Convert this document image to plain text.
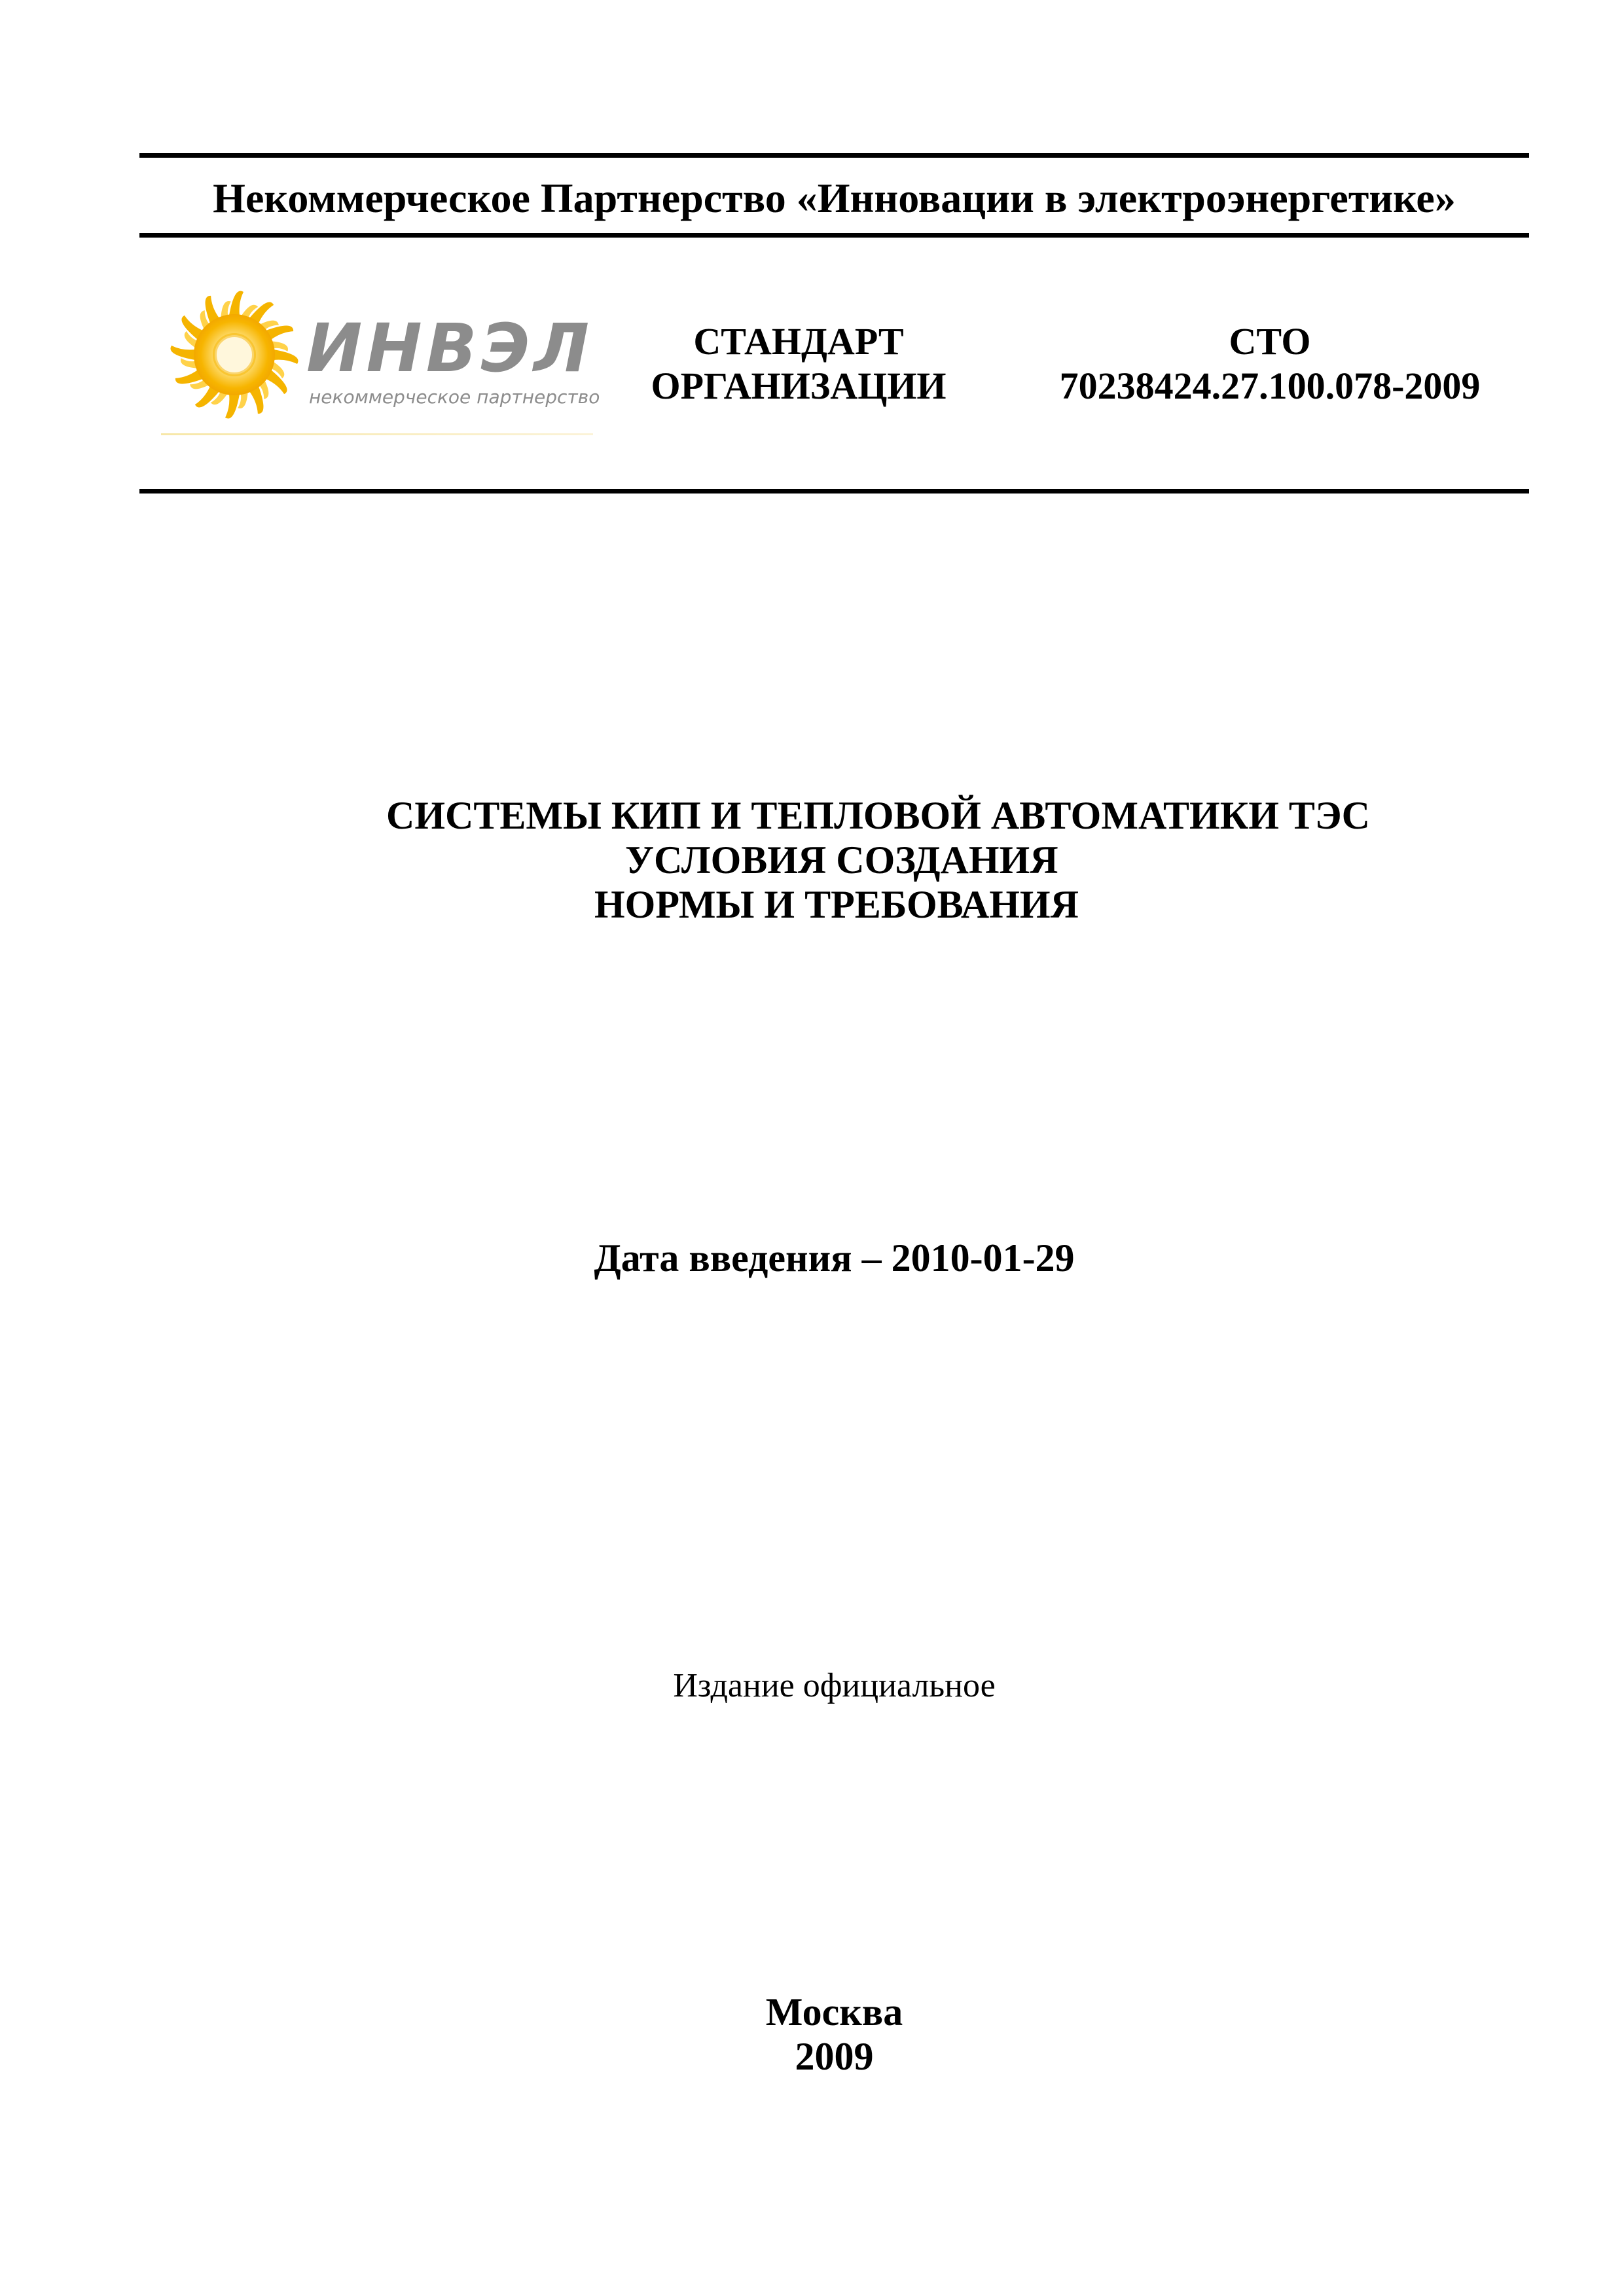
Некоммерческое Партнерство «Инновации в электроэнергетике»
ИНВЭЛ
некоммерческое партнерство
СТАНДАРТ
ОРГАНИЗАЦИИ
СТО
70238424.27.100.078-2009
СИСТЕМЫ КИП И ТЕПЛОВОЙ АВТОМАТИКИ ТЭС
УСЛОВИЯ СОЗДАНИЯ
НОРМЫ И ТРЕБОВАНИЯ
Дата введения – 2010-01-29
Издание официальное
Москва
2009
